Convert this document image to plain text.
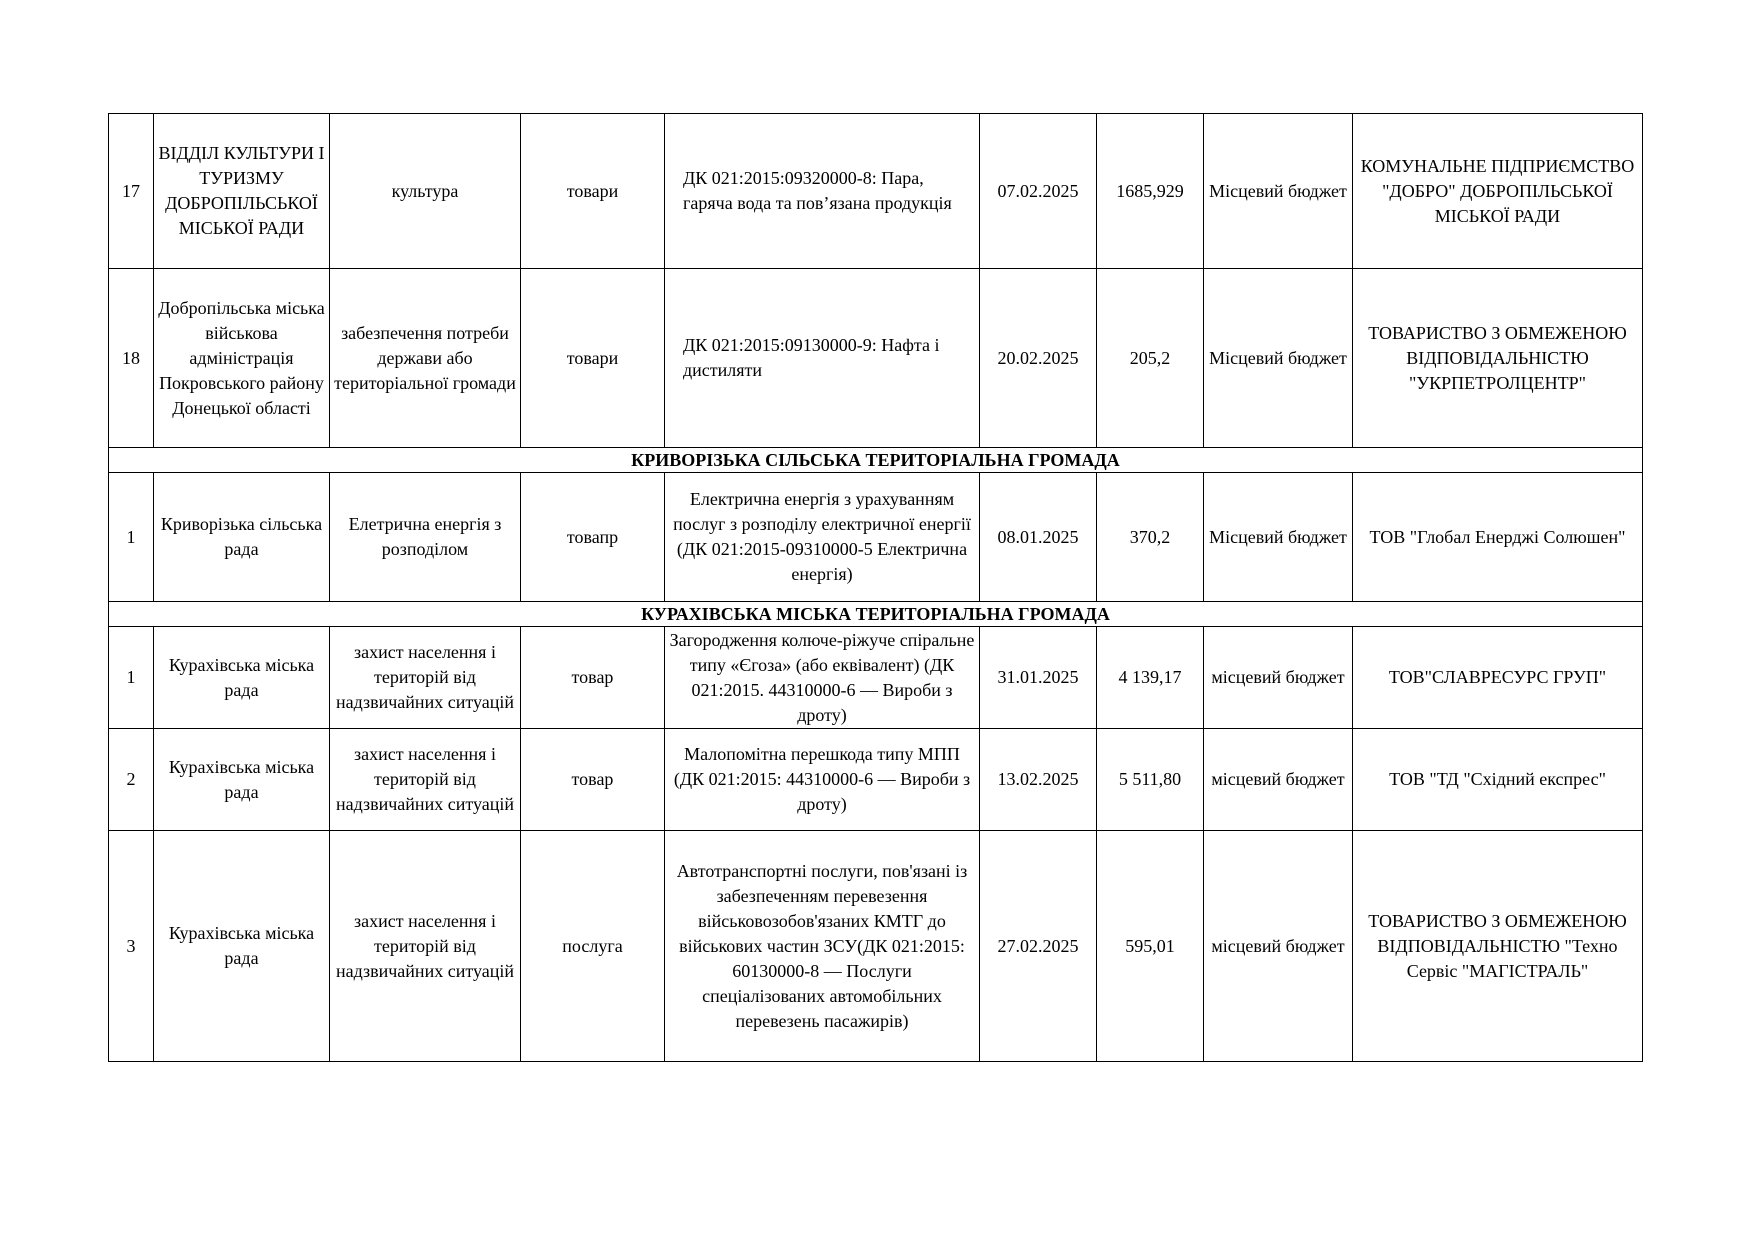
17	ВІДДІЛ КУЛЬТУРИ І ТУРИЗМУ ДОБРОПІЛЬСЬКОЇ МІСЬКОЇ РАДИ	культура	товари	ДК 021:2015:09320000-8: Пара, гаряча вода та пов’язана продукція	07.02.2025	1685,929	Місцевий бюджет	КОМУНАЛЬНЕ ПІДПРИЄМСТВО "ДОБРО" ДОБРОПІЛЬСЬКОЇ МІСЬКОЇ РАДИ
18	Добропільська міська військова адміністрація Покровського району Донецької області	забезпечення потреби держави або територіальної громади	товари	ДК 021:2015:09130000-9: Нафта і дистиляти	20.02.2025	205,2	Місцевий бюджет	ТОВАРИСТВО З ОБМЕЖЕНОЮ ВІДПОВІДАЛЬНІСТЮ "УКРПЕТРОЛЦЕНТР"
КРИВОРІЗЬКА СІЛЬСЬКА ТЕРИТОРІАЛЬНА ГРОМАДА								
1	Криворізька сільська рада	Елетрична енергія з розподілом	товапр	Електрична енергія з урахуванням послуг з розподілу електричної енергії (ДК 021:2015-09310000-5 Електрична енергія)	08.01.2025	370,2	Місцевий бюджет	ТОВ "Глобал Енерджі Солюшен"
КУРАХІВСЬКА МІСЬКА ТЕРИТОРІАЛЬНА ГРОМАДА								
1	Курахівська міська рада	захист населення і територій від надзвичайних ситуацій	товар	Загородження колюче-ріжуче спіральне типу «Єгоза» (або еквівалент) (ДК 021:2015. 44310000-6 — Вироби з дроту)	31.01.2025	4 139,17	місцевий бюджет	ТОВ"СЛАВРЕСУРС ГРУП"
2	Курахівська міська рада	захист населення і територій від надзвичайних ситуацій	товар	Малопомітна перешкода типу МПП (ДК 021:2015: 44310000-6 — Вироби з дроту)	13.02.2025	5 511,80	місцевий бюджет	ТОВ "ТД "Східний експрес"
3	Курахівська міська рада	захист населення і територій від надзвичайних ситуацій	послуга	Автотранспортні послуги, пов'язані із забезпеченням перевезення військовозобов'язаних КМТГ до військових частин ЗСУ(ДК 021:2015: 60130000-8 — Послуги спеціалізованих автомобільних перевезень пасажирів)	27.02.2025	595,01	місцевий бюджет	ТОВАРИСТВО З ОБМЕЖЕНОЮ ВІДПОВІДАЛЬНІСТЮ "Техно Сервіс "МАГІСТРАЛЬ"
